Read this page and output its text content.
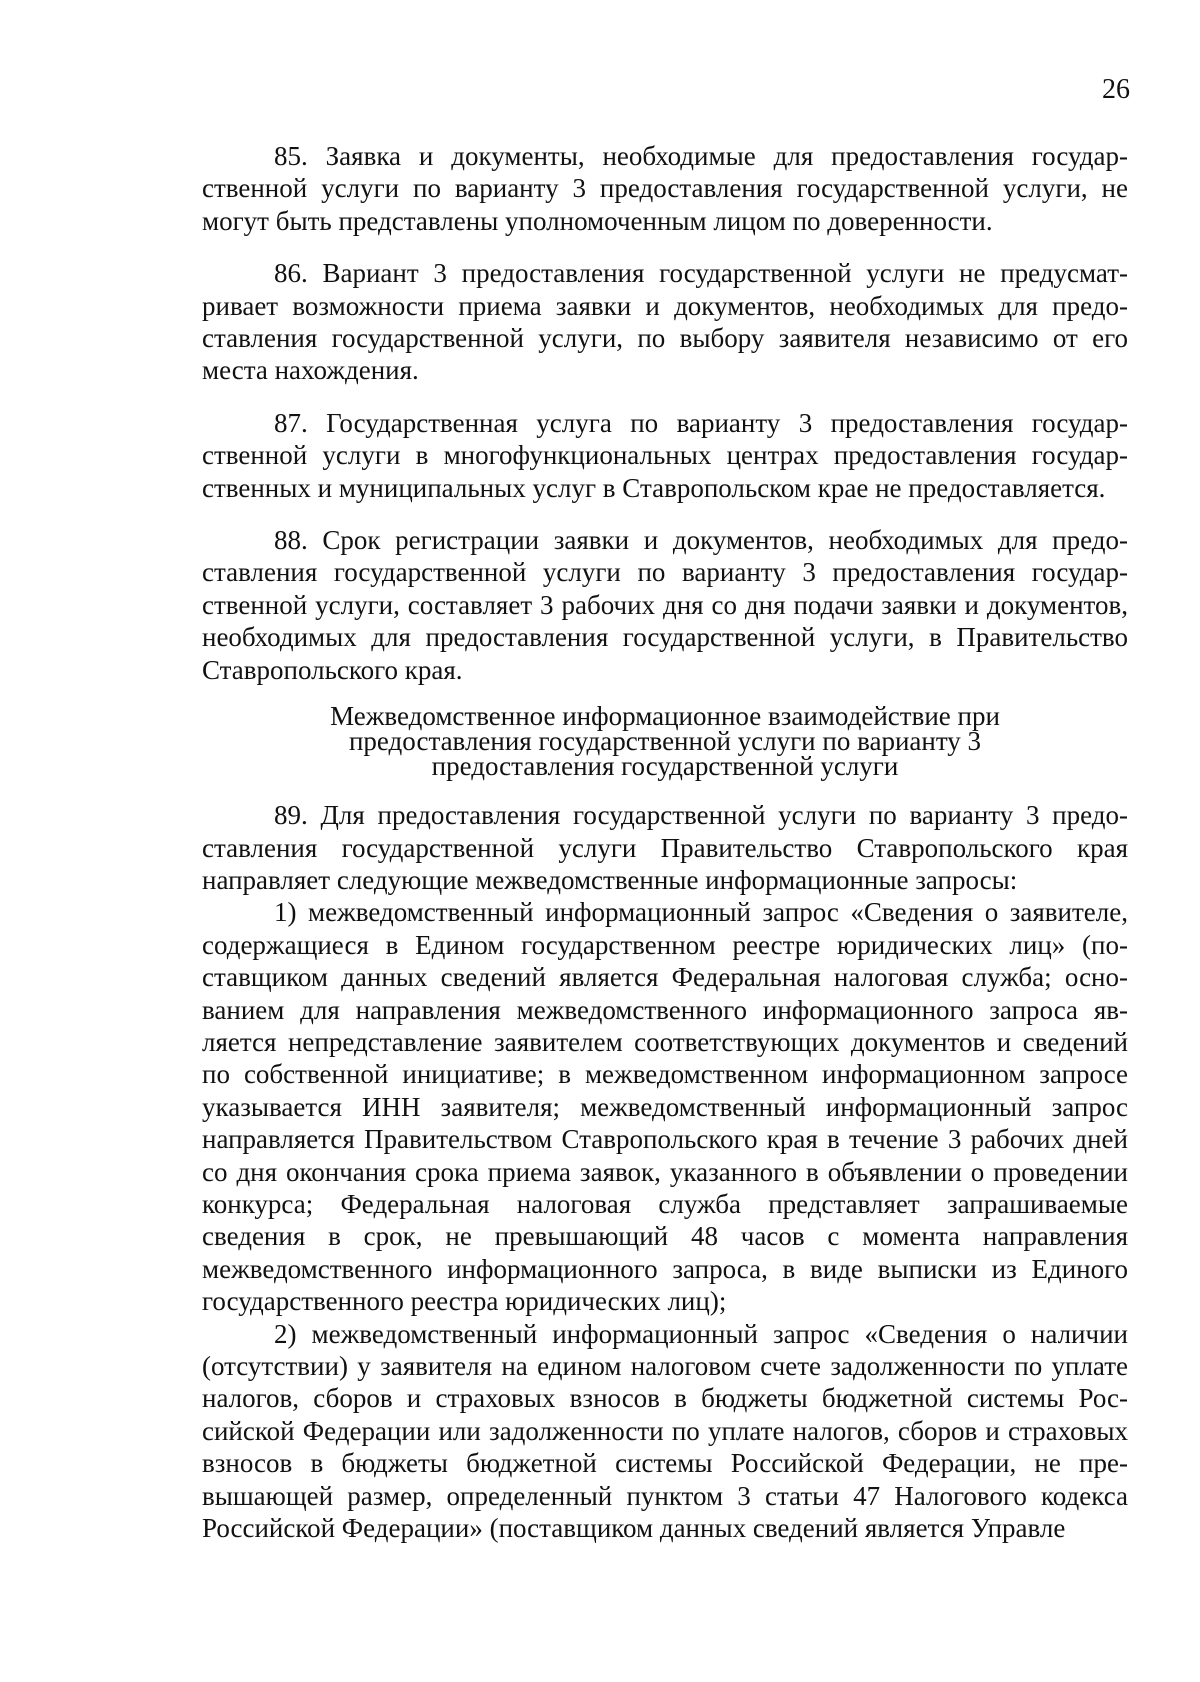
26

85. Заявка и документы, необходимые для предоставления государственной услуги по варианту 3 предоставления государственной услуги, не могут быть представлены уполномоченным лицом по доверенности.

86. Вариант 3 предоставления государственной услуги не предусматривает возможности приема заявки и документов, необходимых для предоставления государственной услуги, по выбору заявителя независимо от его места нахождения.

87. Государственная услуга по варианту 3 предоставления государственной услуги в многофункциональных центрах предоставления государственных и муниципальных услуг в Ставропольском крае не предоставляется.

88. Срок регистрации заявки и документов, необходимых для предоставления государственной услуги по варианту 3 предоставления государственной услуги, составляет 3 рабочих дня со дня подачи заявки и документов, необходимых для предоставления государственной услуги, в Правительство Ставропольского края.

Межведомственное информационное взаимодействие при предоставления государственной услуги по варианту 3 предоставления государственной услуги

89. Для предоставления государственной услуги по варианту 3 предоставления государственной услуги Правительство Ставропольского края направляет следующие межведомственные информационные запросы:

1) межведомственный информационный запрос «Сведения о заявителе, содержащиеся в Едином государственном реестре юридических лиц» (поставщиком данных сведений является Федеральная налоговая служба; основанием для направления межведомственного информационного запроса является непредставление заявителем соответствующих документов и сведений по собственной инициативе; в межведомственном информационном запросе указывается ИНН заявителя; межведомственный информационный запрос направляется Правительством Ставропольского края в течение 3 рабочих дней со дня окончания срока приема заявок, указанного в объявлении о проведении конкурса; Федеральная налоговая служба представляет запрашиваемые сведения в срок, не превышающий 48 часов с момента направления межведомственного информационного запроса, в виде выписки из Единого государственного реестра юридических лиц);

2) межведомственный информационный запрос «Сведения о наличии (отсутствии) у заявителя на едином налоговом счете задолженности по уплате налогов, сборов и страховых взносов в бюджеты бюджетной системы Российской Федерации или задолженности по уплате налогов, сборов и страховых взносов в бюджеты бюджетной системы Российской Федерации, не превышающей размер, определенный пунктом 3 статьи 47 Налогового кодекса Российской Федерации» (поставщиком данных сведений является Управле
